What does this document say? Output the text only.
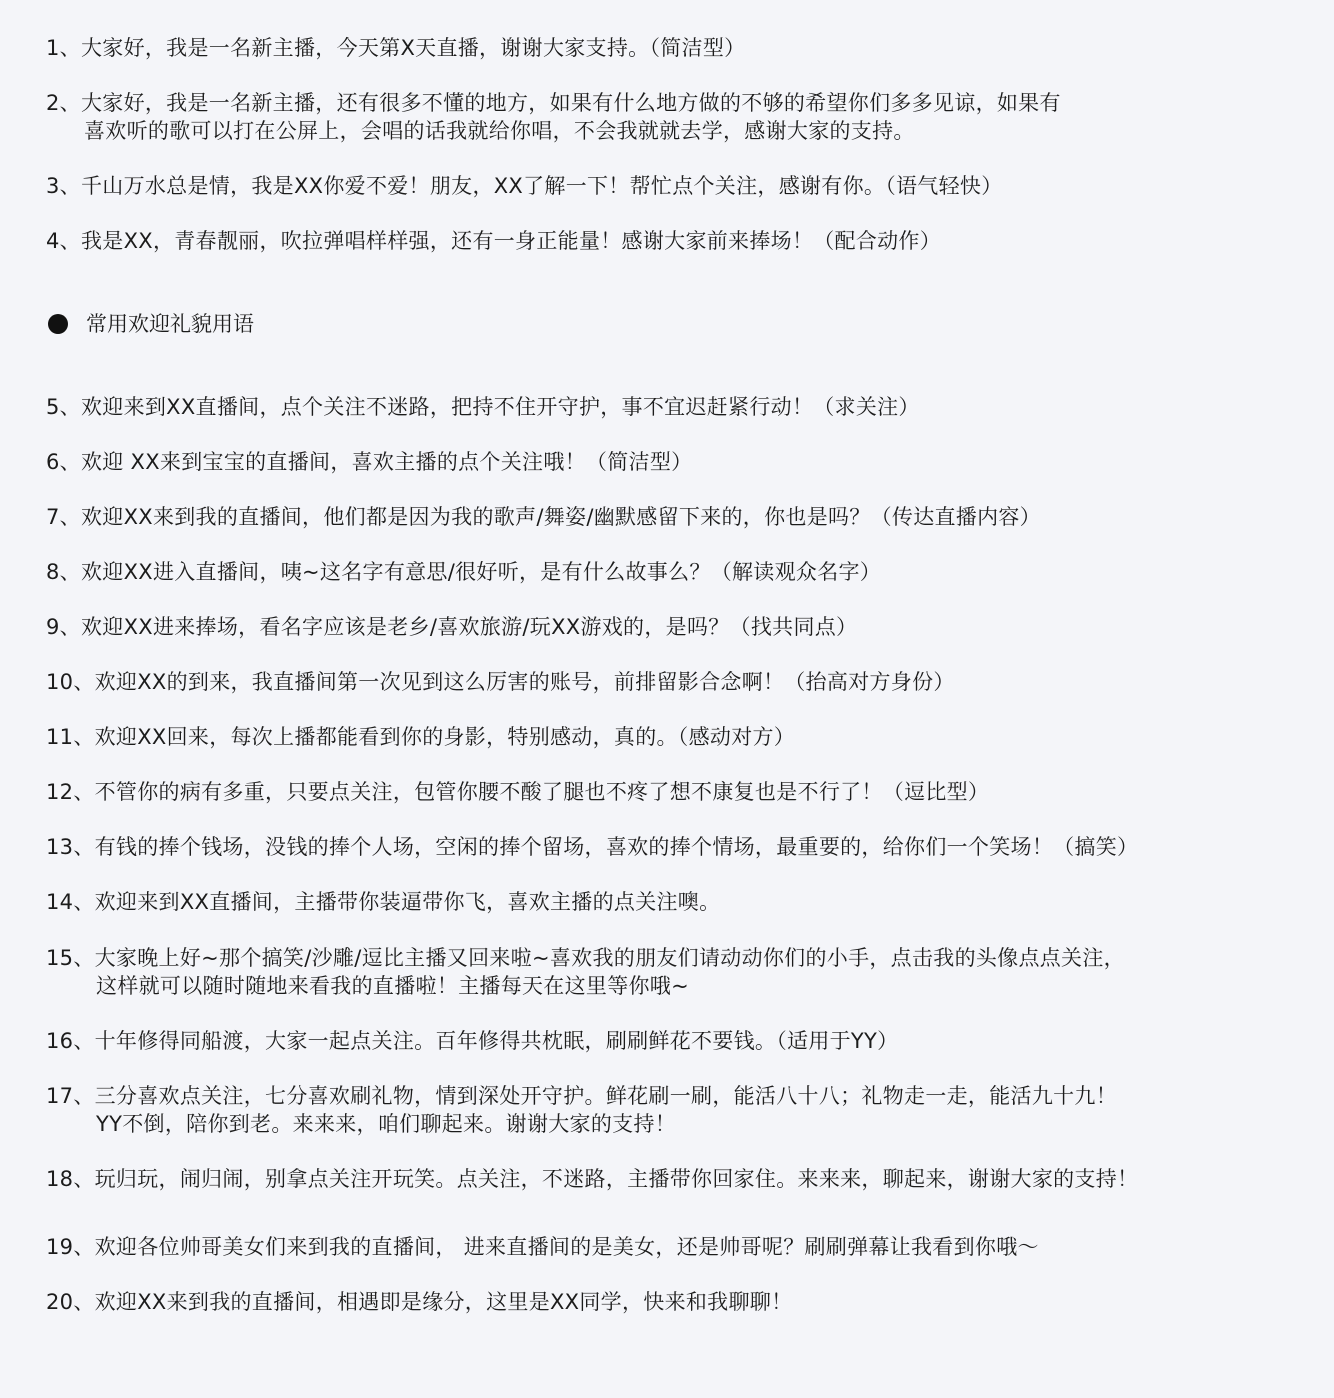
1、大家好，我是一名新主播，今天第X天直播，谢谢大家支持。（简洁型）
2、大家好，我是一名新主播，还有很多不懂的地方，如果有什么地方做的不够的希望你们多多见谅，如果有
喜欢听的歌可以打在公屏上，会唱的话我就给你唱，不会我就就去学，感谢大家的支持。
3、千山万水总是情，我是XX你爱不爱！朋友，XX了解一下！帮忙点个关注，感谢有你。（语气轻快）
4、我是XX，青春靓丽，吹拉弹唱样样强，还有一身正能量！感谢大家前来捧场！（配合动作）
常用欢迎礼貌用语
5、欢迎来到XX直播间，点个关注不迷路，把持不住开守护，事不宜迟赶紧行动！（求关注）
6、欢迎 XX来到宝宝的直播间，喜欢主播的点个关注哦！（简洁型）
7、欢迎XX来到我的直播间，他们都是因为我的歌声/舞姿/幽默感留下来的，你也是吗？（传达直播内容）
8、欢迎XX进入直播间，咦~这名字有意思/很好听，是有什么故事么？（解读观众名字）
9、欢迎XX进来捧场，看名字应该是老乡/喜欢旅游/玩XX游戏的，是吗？（找共同点）
10、欢迎XX的到来，我直播间第一次见到这么厉害的账号，前排留影合念啊！（抬高对方身份）
11、欢迎XX回来，每次上播都能看到你的身影，特别感动，真的。（感动对方）
12、不管你的病有多重，只要点关注，包管你腰不酸了腿也不疼了想不康复也是不行了！（逗比型）
13、有钱的捧个钱场，没钱的捧个人场，空闲的捧个留场，喜欢的捧个情场，最重要的，给你们一个笑场！（搞笑）
14、欢迎来到XX直播间，主播带你装逼带你飞，喜欢主播的点关注噢。
15、大家晚上好~那个搞笑/沙雕/逗比主播又回来啦~喜欢我的朋友们请动动你们的小手，点击我的头像点点关注，
这样就可以随时随地来看我的直播啦！主播每天在这里等你哦~
16、十年修得同船渡，大家一起点关注。百年修得共枕眠，刷刷鲜花不要钱。（适用于YY）
17、三分喜欢点关注，七分喜欢刷礼物，情到深处开守护。鲜花刷一刷，能活八十八；礼物走一走，能活九十九！
YY不倒，陪你到老。来来来，咱们聊起来。谢谢大家的支持！
18、玩归玩，闹归闹，别拿点关注开玩笑。点关注，不迷路，主播带你回家住。来来来，聊起来，谢谢大家的支持！
19、欢迎各位帅哥美女们来到我的直播间， 进来直播间的是美女，还是帅哥呢？刷刷弹幕让我看到你哦～
20、欢迎XX来到我的直播间，相遇即是缘分，这里是XX同学，快来和我聊聊！
